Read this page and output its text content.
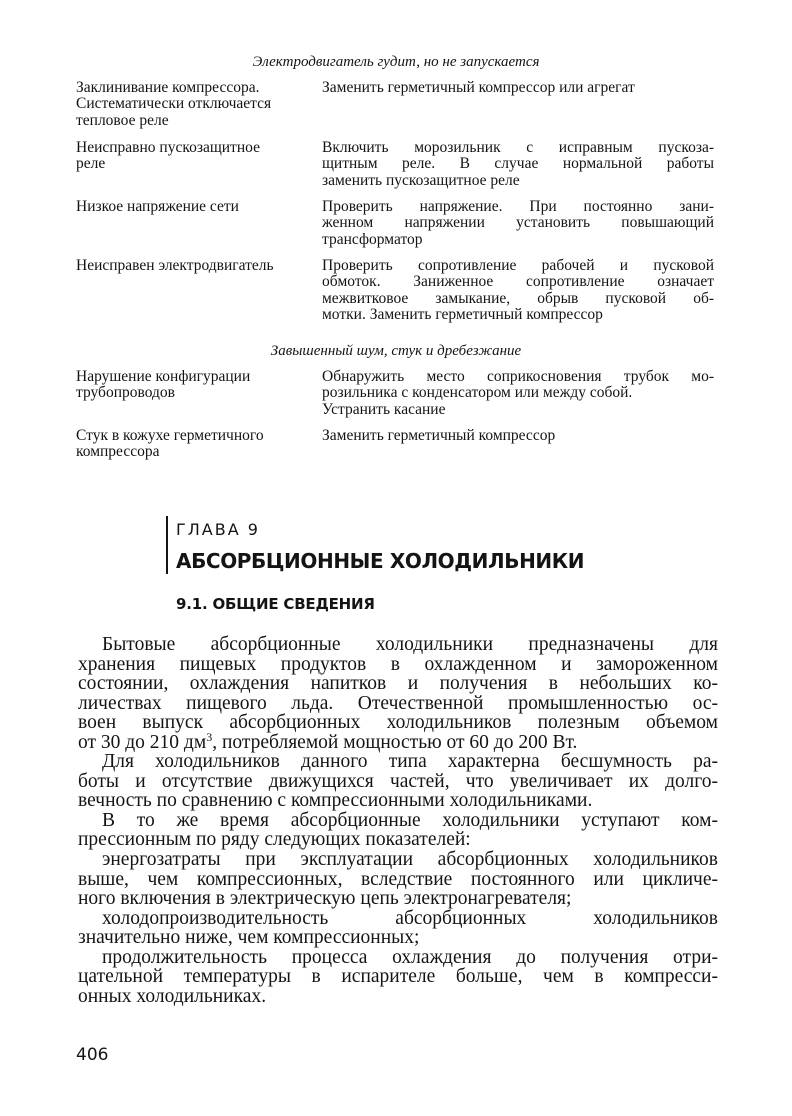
Электродвигатель гудит, но не запускается
Заклинивание компрессора.
Систематически отключается
тепловое реле
Заменить герметичный компрессор или агрегат
Неисправно пускозащитное
реле
Включить морозильник с исправным пускоза-
щитным реле. В случае нормальной работы
заменить пускозащитное реле
Низкое напряжение сети	Проверить напряжение. При постоянно зани-
женном напряжении установить повышающий
трансформатор
Неисправен электродвигатель	Проверить сопротивление рабочей и пусковой
обмоток. Заниженное сопротивление означает
межвитковое замыкание, обрыв пусковой об-
мотки. Заменить герметичный компрессор
Завышенный шум, стук и дребезжание
Нарушение конфигурации
трубопроводов
Обнаружить место соприкосновения трубок мо-
розильника с конденсатором или между собой.
Устранить касание
Стук в кожухе герметичного
компрессора
Заменить герметичный компрессор
ГЛАВА 9
АБСОРБЦИОННЫЕ ХОЛОДИЛЬНИКИ
9.1. ОБЩИЕ СВЕДЕНИЯ
Бытовые абсорбционные холодильники предназначены для
хранения пищевых продуктов в охлажденном и замороженном
состоянии, охлаждения напитков и получения в небольших ко-
личествах пищевого льда. Отечественной промышленностью ос-
воен выпуск абсорбционных холодильников полезным объемом
от 30 до 210 $дм^3$, потребляемой мощностью от 60 до 200 Вт.
Для холодильников данного типа характерна бесшумность ра-
боты и отсутствие движущихся частей, что увеличивает их долго-
вечность по сравнению с компрессионными холодильниками.
В то же время абсорбционные холодильники уступают ком-
прессионным по ряду следующих показателей:
энергозатраты при эксплуатации абсорбционных холодильников
выше, чем компрессионных, вследствие постоянного или цикличе-
ного включения в электрическую цепь электронагревателя;
холодопроизводительность абсорбционных холодильников
значительно ниже, чем компрессионных;
продолжительность процесса охлаждения до получения отри-
цательной температуры в испарителе больше, чем в компресси-
онных холодильниках.
406
